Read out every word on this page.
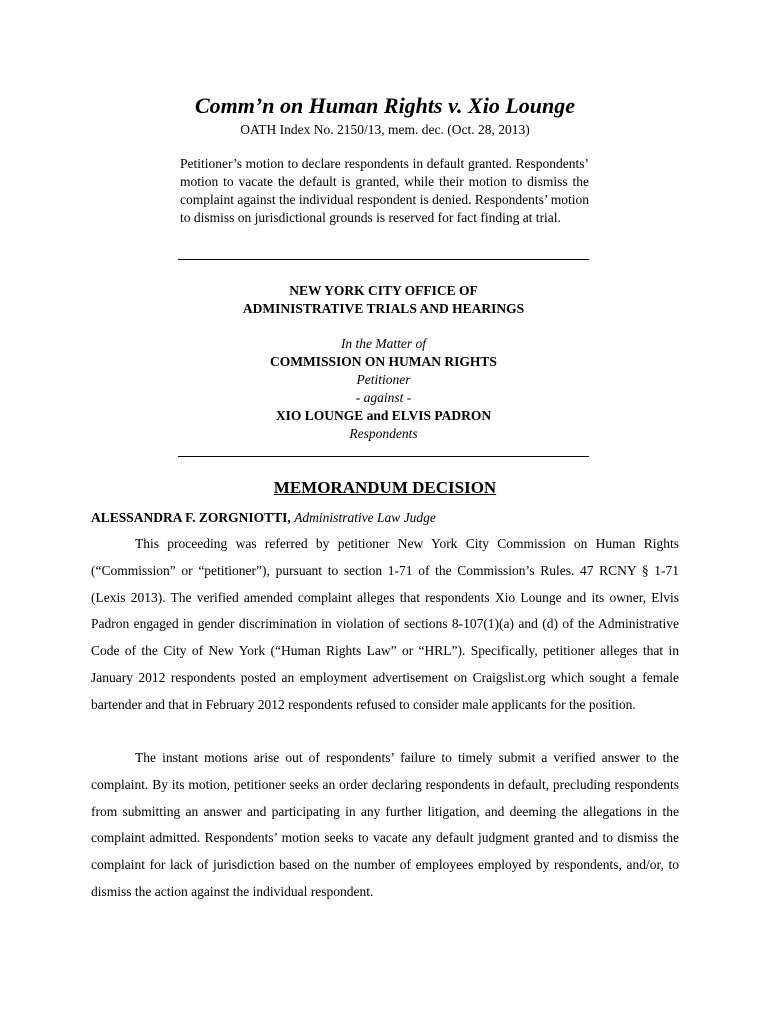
Comm’n on Human Rights v. Xio Lounge
OATH Index No. 2150/13, mem. dec. (Oct. 28, 2013)

Petitioner’s motion to declare respondents in default granted. Respondents’ motion to vacate the default is granted, while their motion to dismiss the complaint against the individual respondent is denied. Respondents’ motion to dismiss on jurisdictional grounds is reserved for fact finding at trial.

NEW YORK CITY OFFICE OF
ADMINISTRATIVE TRIALS AND HEARINGS
In the Matter of
COMMISSION ON HUMAN RIGHTS
Petitioner
- against -
XIO LOUNGE and ELVIS PADRON
Respondents
MEMORANDUM DECISION
ALESSANDRA F. ZORGNIOTTI, Administrative Law Judge

This proceeding was referred by petitioner New York City Commission on Human Rights (“Commission” or “petitioner”), pursuant to section 1-71 of the Commission’s Rules. 47 RCNY § 1-71 (Lexis 2013). The verified amended complaint alleges that respondents Xio Lounge and its owner, Elvis Padron engaged in gender discrimination in violation of sections 8-107(1)(a) and (d) of the Administrative Code of the City of New York (“Human Rights Law” or “HRL”). Specifically, petitioner alleges that in January 2012 respondents posted an employment advertisement on Craigslist.org which sought a female bartender and that in February 2012 respondents refused to consider male applicants for the position.

The instant motions arise out of respondents’ failure to timely submit a verified answer to the complaint. By its motion, petitioner seeks an order declaring respondents in default, precluding respondents from submitting an answer and participating in any further litigation, and deeming the allegations in the complaint admitted. Respondents’ motion seeks to vacate any default judgment granted and to dismiss the complaint for lack of jurisdiction based on the number of employees employed by respondents, and/or, to dismiss the action against the individual respondent.
